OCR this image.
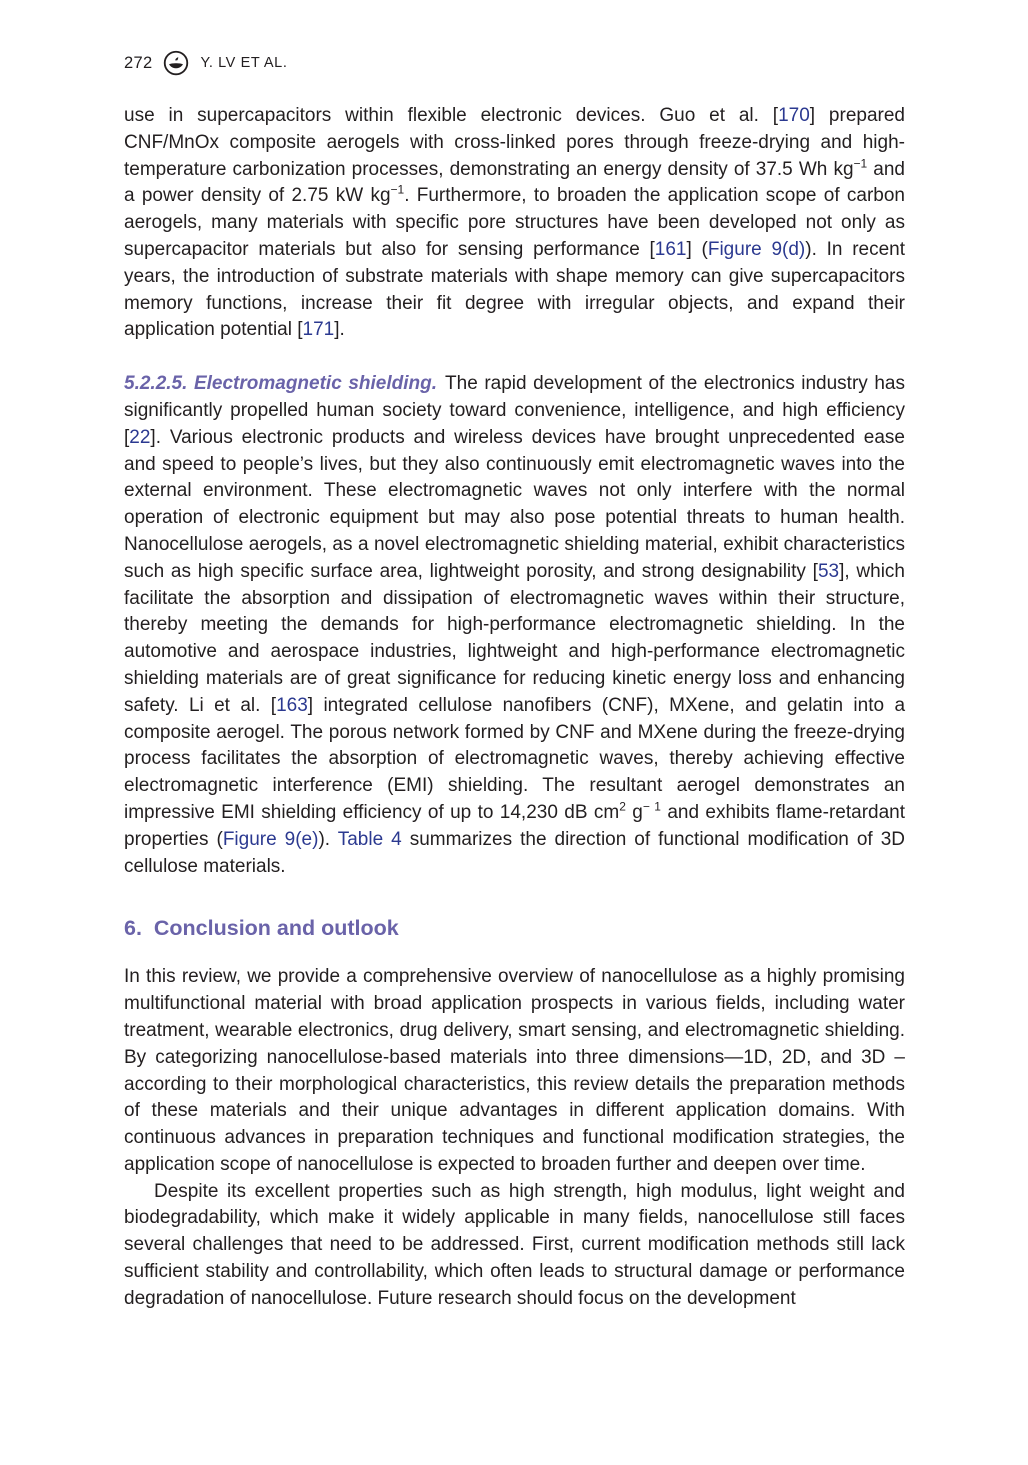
272	Y. LV ET AL.

use in supercapacitors within flexible electronic devices. Guo et al. [170] prepared CNF/MnOx composite aerogels with cross-linked pores through freeze-drying and high-temperature carbonization processes, demonstrating an energy density of 37.5 Wh $kg^{-1}$ and a power density of 2.75 kW $kg^{-1}$. Furthermore, to broaden the application scope of carbon aerogels, many materials with specific pore structures have been developed not only as supercapacitor materials but also for sensing performance [161] (Figure 9(d)). In recent years, the introduction of substrate materials with shape memory can give supercapacitors memory functions, increase their fit degree with irregular objects, and expand their application potential [171].

5.2.2.5. Electromagnetic shielding. The rapid development of the electronics industry has significantly propelled human society toward convenience, intelligence, and high efficiency [22]. Various electronic products and wireless devices have brought unprecedented ease and speed to people’s lives, but they also continuously emit electromagnetic waves into the external environment. These electromagnetic waves not only interfere with the normal operation of electronic equipment but may also pose potential threats to human health. Nanocellulose aerogels, as a novel electromagnetic shielding material, exhibit characteristics such as high specific surface area, lightweight porosity, and strong designability [53], which facilitate the absorption and dissipation of electromagnetic waves within their structure, thereby meeting the demands for high-performance electromagnetic shielding. In the automotive and aerospace industries, lightweight and high-performance electromagnetic shielding materials are of great significance for reducing kinetic energy loss and enhancing safety. Li et al. [163] integrated cellulose nanofibers (CNF), MXene, and gelatin into a composite aerogel. The porous network formed by CNF and MXene during the freeze-drying process facilitates the absorption of electromagnetic waves, thereby achieving effective electromagnetic interference (EMI) shielding. The resultant aerogel demonstrates an impressive EMI shielding efficiency of up to 14,230 dB $cm^2$ $g^{- 1}$ and exhibits flame-retardant properties (Figure 9(e)). Table 4 summarizes the direction of functional modification of 3D cellulose materials.

6.  Conclusion and outlook

In this review, we provide a comprehensive overview of nanocellulose as a highly promising multifunctional material with broad application prospects in various fields, including water treatment, wearable electronics, drug delivery, smart sensing, and electromagnetic shielding. By categorizing nanocellulose-based materials into three dimensions—1D, 2D, and 3D – according to their morphological characteristics, this review details the preparation methods of these materials and their unique advantages in different application domains. With continuous advances in preparation techniques and functional modification strategies, the application scope of nanocellulose is expected to broaden further and deepen over time.

Despite its excellent properties such as high strength, high modulus, light weight and biodegradability, which make it widely applicable in many fields, nanocellulose still faces several challenges that need to be addressed. First, current modification methods still lack sufficient stability and controllability, which often leads to structural damage or performance degradation of nanocellulose. Future research should focus on the development
